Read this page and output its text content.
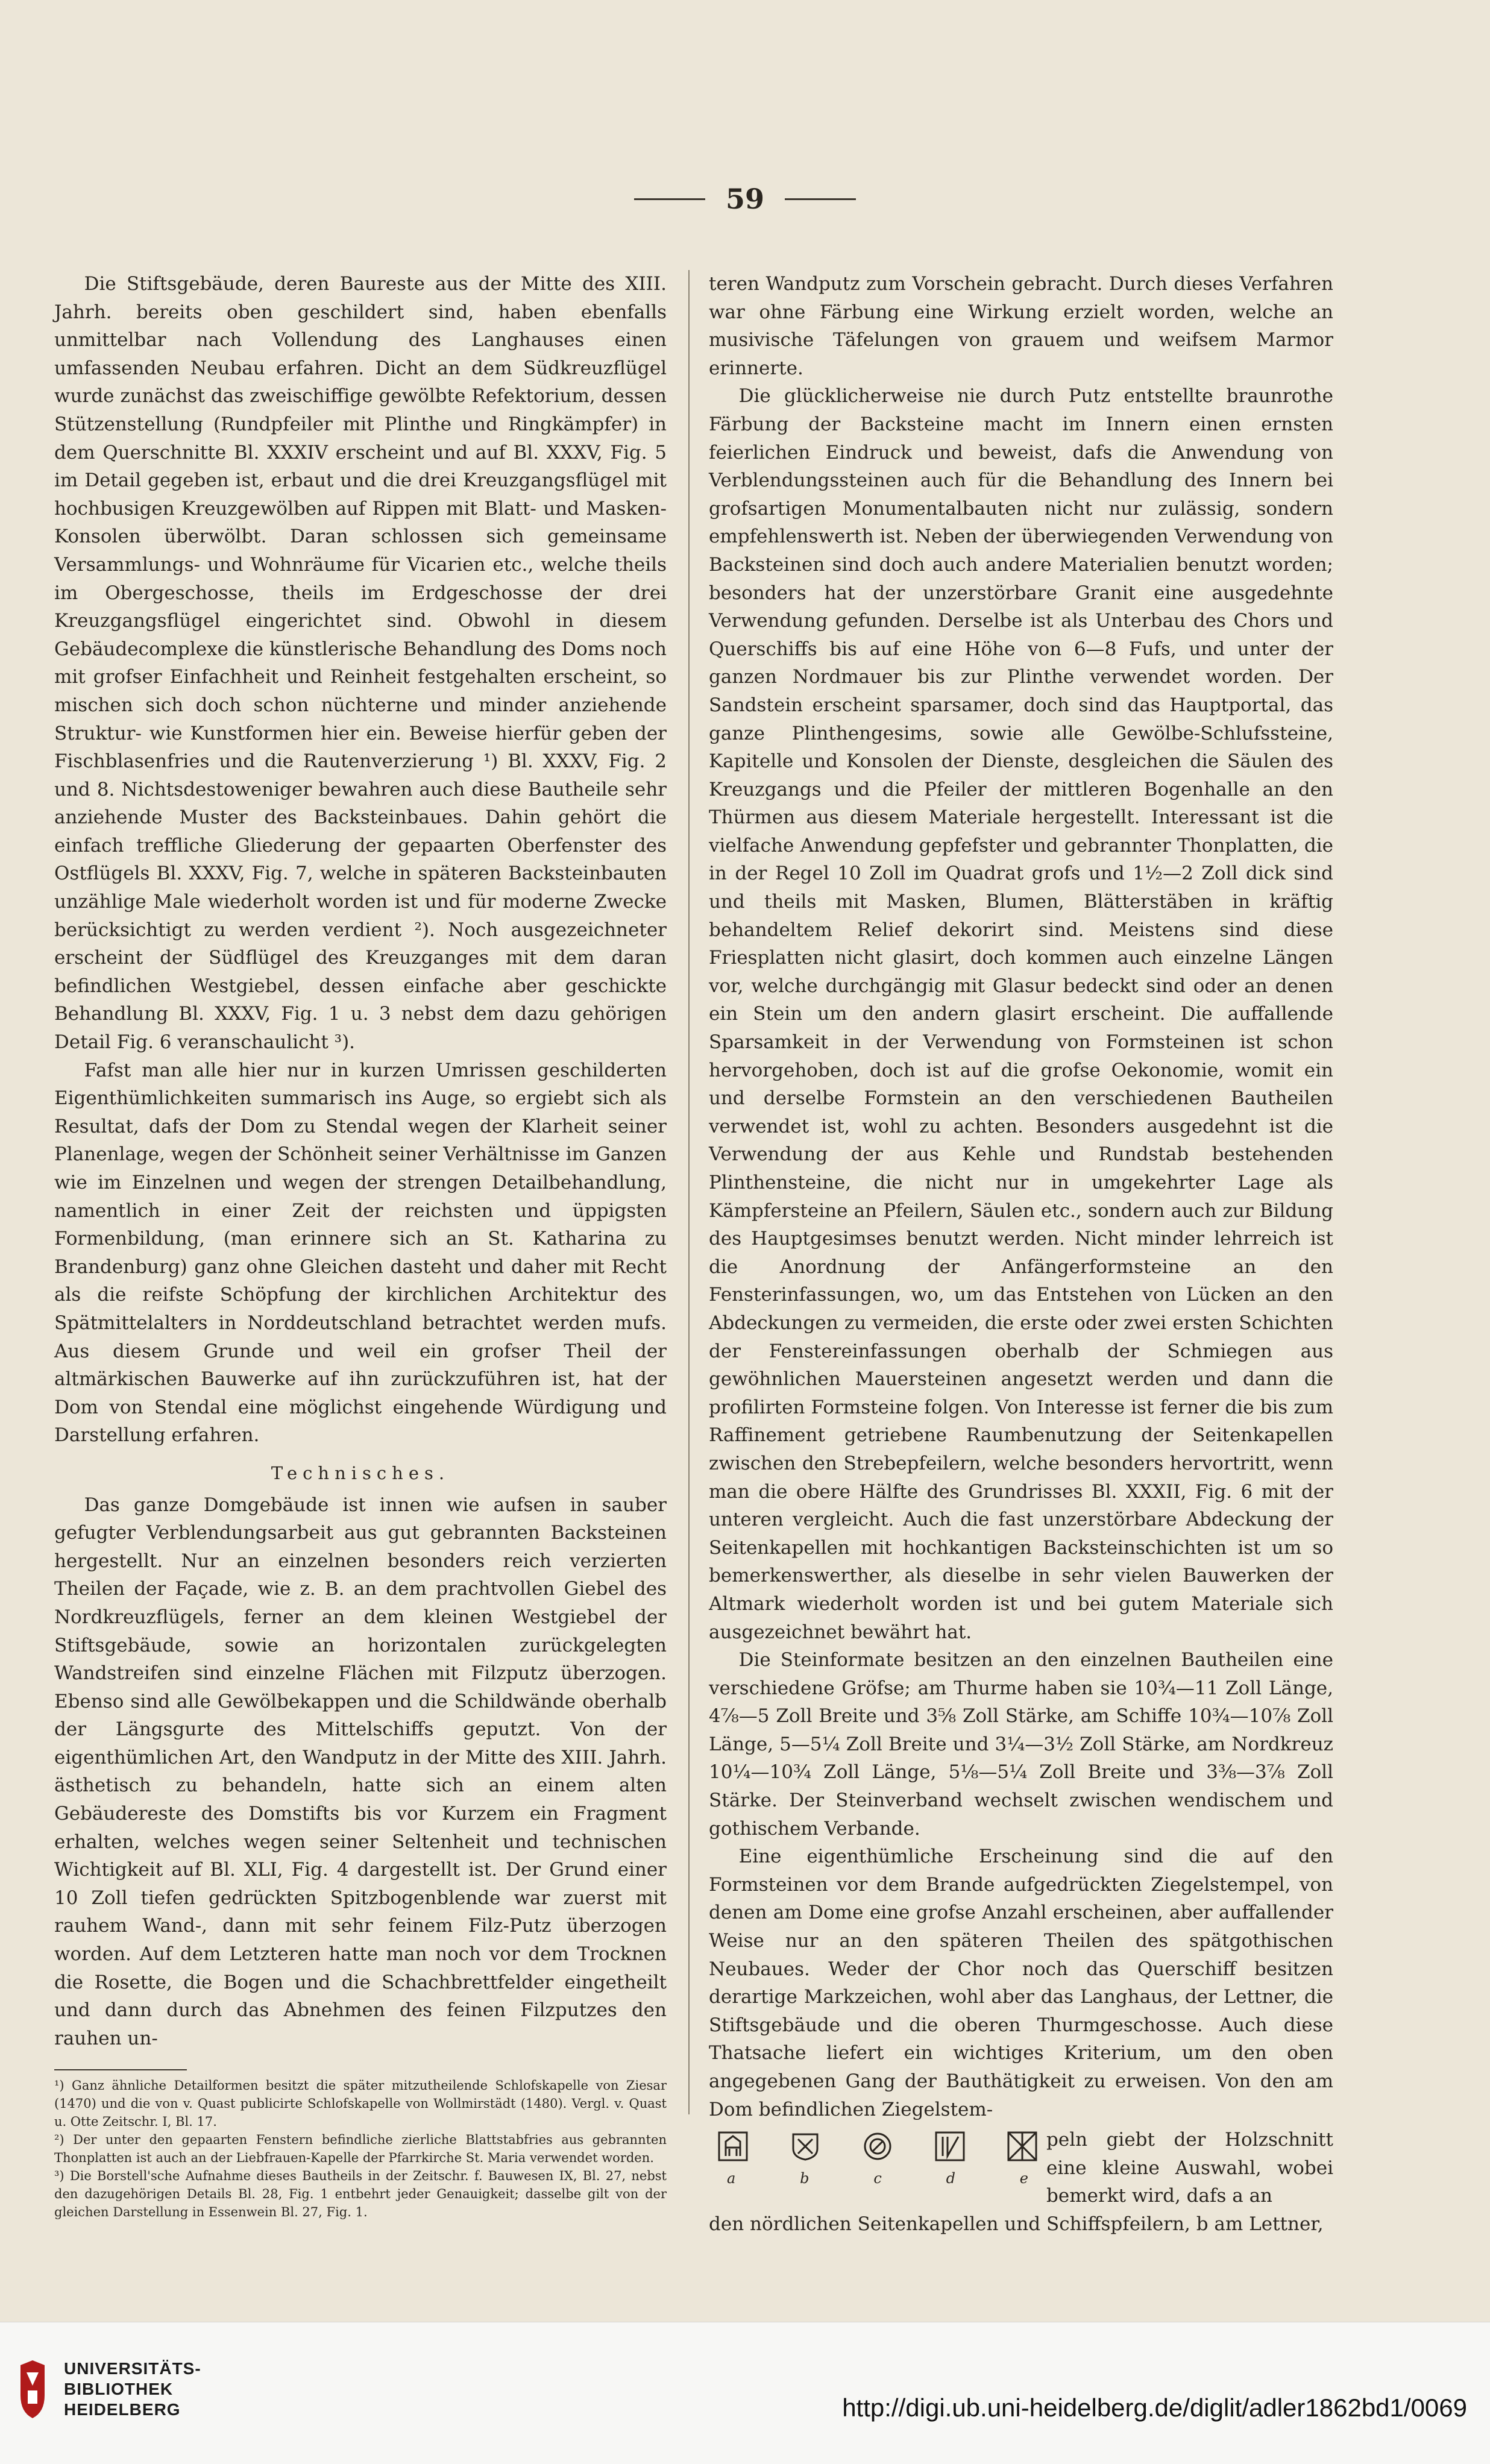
59

Die Stiftsgebäude, deren Baureste aus der Mitte des XIII. Jahrh. bereits oben geschildert sind, haben ebenfalls unmittelbar nach Vollendung des Langhauses einen umfassenden Neubau erfahren. Dicht an dem Südkreuzflügel wurde zunächst das zweischiffige gewölbte Refektorium, dessen Stützenstellung (Rundpfeiler mit Plinthe und Ringkämpfer) in dem Querschnitte Bl. XXXIV erscheint und auf Bl. XXXV, Fig. 5 im Detail gegeben ist, erbaut und die drei Kreuzgangsflügel mit hochbusigen Kreuzgewölben auf Rippen mit Blatt- und Masken-Konsolen überwölbt. Daran schlossen sich gemeinsame Versammlungs- und Wohnräume für Vicarien etc., welche theils im Obergeschosse, theils im Erdgeschosse der drei Kreuzgangsflügel eingerichtet sind. Obwohl in diesem Gebäudecomplexe die künstlerische Behandlung des Doms noch mit grofser Einfachheit und Reinheit festgehalten erscheint, so mischen sich doch schon nüchterne und minder anziehende Struktur- wie Kunstformen hier ein. Beweise hierfür geben der Fischblasenfries und die Rautenverzierung ¹) Bl. XXXV, Fig. 2 und 8. Nichtsdestoweniger bewahren auch diese Bautheile sehr anziehende Muster des Backsteinbaues. Dahin gehört die einfach treffliche Gliederung der gepaarten Oberfenster des Ostflügels Bl. XXXV, Fig. 7, welche in späteren Backsteinbauten unzählige Male wiederholt worden ist und für moderne Zwecke berücksichtigt zu werden verdient ²). Noch ausgezeichneter erscheint der Südflügel des Kreuzganges mit dem daran befindlichen Westgiebel, dessen einfache aber geschickte Behandlung Bl. XXXV, Fig. 1 u. 3 nebst dem dazu gehörigen Detail Fig. 6 veranschaulicht ³).

Fafst man alle hier nur in kurzen Umrissen geschilderten Eigenthümlichkeiten summarisch ins Auge, so ergiebt sich als Resultat, dafs der Dom zu Stendal wegen der Klarheit seiner Planenlage, wegen der Schönheit seiner Verhältnisse im Ganzen wie im Einzelnen und wegen der strengen Detailbehandlung, namentlich in einer Zeit der reichsten und üppigsten Formenbildung, (man erinnere sich an St. Katharina zu Brandenburg) ganz ohne Gleichen dasteht und daher mit Recht als die reifste Schöpfung der kirchlichen Architektur des Spätmittelalters in Norddeutschland betrachtet werden mufs. Aus diesem Grunde und weil ein grofser Theil der altmärkischen Bauwerke auf ihn zurückzuführen ist, hat der Dom von Stendal eine möglichst eingehende Würdigung und Darstellung erfahren.

Technisches.

Das ganze Domgebäude ist innen wie aufsen in sauber gefugter Verblendungsarbeit aus gut gebrannten Backsteinen hergestellt. Nur an einzelnen besonders reich verzierten Theilen der Façade, wie z. B. an dem prachtvollen Giebel des Nordkreuzflügels, ferner an dem kleinen Westgiebel der Stiftsgebäude, sowie an horizontalen zurückgelegten Wandstreifen sind einzelne Flächen mit Filzputz überzogen. Ebenso sind alle Gewölbekappen und die Schildwände oberhalb der Längsgurte des Mittelschiffs geputzt. Von der eigenthümlichen Art, den Wandputz in der Mitte des XIII. Jahrh. ästhetisch zu behandeln, hatte sich an einem alten Gebäudereste des Domstifts bis vor Kurzem ein Fragment erhalten, welches wegen seiner Seltenheit und technischen Wichtigkeit auf Bl. XLI, Fig. 4 dargestellt ist. Der Grund einer 10 Zoll tiefen gedrückten Spitzbogenblende war zuerst mit rauhem Wand-, dann mit sehr feinem Filz-Putz überzogen worden. Auf dem Letzteren hatte man noch vor dem Trocknen die Rosette, die Bogen und die Schachbrettfelder eingetheilt und dann durch das Abnehmen des feinen Filzputzes den rauhen un-

¹) Ganz ähnliche Detailformen besitzt die später mitzutheilende Schlofskapelle von Ziesar (1470) und die von v. Quast publicirte Schlofskapelle von Wollmirstädt (1480). Vergl. v. Quast u. Otte Zeitschr. I, Bl. 17.

²) Der unter den gepaarten Fenstern befindliche zierliche Blattstabfries aus gebrannten Thonplatten ist auch an der Liebfrauen-Kapelle der Pfarrkirche St. Maria verwendet worden.

³) Die Borstell'sche Aufnahme dieses Bautheils in der Zeitschr. f. Bauwesen IX, Bl. 27, nebst den dazugehörigen Details Bl. 28, Fig. 1 entbehrt jeder Genauigkeit; dasselbe gilt von der gleichen Darstellung in Essenwein Bl. 27, Fig. 1.

teren Wandputz zum Vorschein gebracht. Durch dieses Verfahren war ohne Färbung eine Wirkung erzielt worden, welche an musivische Täfelungen von grauem und weifsem Marmor erinnerte.

Die glücklicherweise nie durch Putz entstellte braunrothe Färbung der Backsteine macht im Innern einen ernsten feierlichen Eindruck und beweist, dafs die Anwendung von Verblendungssteinen auch für die Behandlung des Innern bei grofsartigen Monumentalbauten nicht nur zulässig, sondern empfehlenswerth ist. Neben der überwiegenden Verwendung von Backsteinen sind doch auch andere Materialien benutzt worden; besonders hat der unzerstörbare Granit eine ausgedehnte Verwendung gefunden. Derselbe ist als Unterbau des Chors und Querschiffs bis auf eine Höhe von 6—8 Fufs, und unter der ganzen Nordmauer bis zur Plinthe verwendet worden. Der Sandstein erscheint sparsamer, doch sind das Hauptportal, das ganze Plinthengesims, sowie alle Gewölbe-Schlufssteine, Kapitelle und Konsolen der Dienste, desgleichen die Säulen des Kreuzgangs und die Pfeiler der mittleren Bogenhalle an den Thürmen aus diesem Materiale hergestellt. Interessant ist die vielfache Anwendung gepfefster und gebrannter Thonplatten, die in der Regel 10 Zoll im Quadrat grofs und 1½—2 Zoll dick sind und theils mit Masken, Blumen, Blätterstäben in kräftig behandeltem Relief dekorirt sind. Meistens sind diese Friesplatten nicht glasirt, doch kommen auch einzelne Längen vor, welche durchgängig mit Glasur bedeckt sind oder an denen ein Stein um den andern glasirt erscheint. Die auffallende Sparsamkeit in der Verwendung von Formsteinen ist schon hervorgehoben, doch ist auf die grofse Oekonomie, womit ein und derselbe Formstein an den verschiedenen Bautheilen verwendet ist, wohl zu achten. Besonders ausgedehnt ist die Verwendung der aus Kehle und Rundstab bestehenden Plinthensteine, die nicht nur in umgekehrter Lage als Kämpfersteine an Pfeilern, Säulen etc., sondern auch zur Bildung des Hauptgesimses benutzt werden. Nicht minder lehrreich ist die Anordnung der Anfängerformsteine an den Fensterinfassungen, wo, um das Entstehen von Lücken an den Abdeckungen zu vermeiden, die erste oder zwei ersten Schichten der Fenstereinfassungen oberhalb der Schmiegen aus gewöhnlichen Mauersteinen angesetzt werden und dann die profilirten Formsteine folgen. Von Interesse ist ferner die bis zum Raffinement getriebene Raumbenutzung der Seitenkapellen zwischen den Strebepfeilern, welche besonders hervortritt, wenn man die obere Hälfte des Grundrisses Bl. XXXII, Fig. 6 mit der unteren vergleicht. Auch die fast unzerstörbare Abdeckung der Seitenkapellen mit hochkantigen Backsteinschichten ist um so bemerkenswerther, als dieselbe in sehr vielen Bauwerken der Altmark wiederholt worden ist und bei gutem Materiale sich ausgezeichnet bewährt hat.

Die Steinformate besitzen an den einzelnen Bautheilen eine verschiedene Gröfse; am Thurme haben sie 10¾—11 Zoll Länge, 4⅞—5 Zoll Breite und 3⅝ Zoll Stärke, am Schiffe 10¾—10⅞ Zoll Länge, 5—5¼ Zoll Breite und 3¼—3½ Zoll Stärke, am Nordkreuz 10¼—10¾ Zoll Länge, 5⅛—5¼ Zoll Breite und 3⅜—3⅞ Zoll Stärke. Der Steinverband wechselt zwischen wendischem und gothischem Verbande.

Eine eigenthümliche Erscheinung sind die auf den Formsteinen vor dem Brande aufgedrückten Ziegelstempel, von denen am Dome eine grofse Anzahl erscheinen, aber auffallender Weise nur an den späteren Theilen des spätgothischen Neubaues. Weder der Chor noch das Querschiff besitzen derartige Markzeichen, wohl aber das Langhaus, der Lettner, die Stiftsgebäude und die oberen Thurmgeschosse. Auch diese Thatsache liefert ein wichtiges Kriterium, um den oben angegebenen Gang der Bauthätigkeit zu erweisen. Von den am Dom befindlichen Ziegelstem-

a	b	c	d	e
peln giebt der Holzschnitt eine kleine Auswahl, wobei bemerkt wird, dafs a an

den nördlichen Seitenkapellen und Schiffspfeilern, b am Lettner,

UNIVERSITÄTS-
BIBLIOTHEK
HEIDELBERG	http://digi.ub.uni-heidelberg.de/diglit/adler1862bd1/0069
